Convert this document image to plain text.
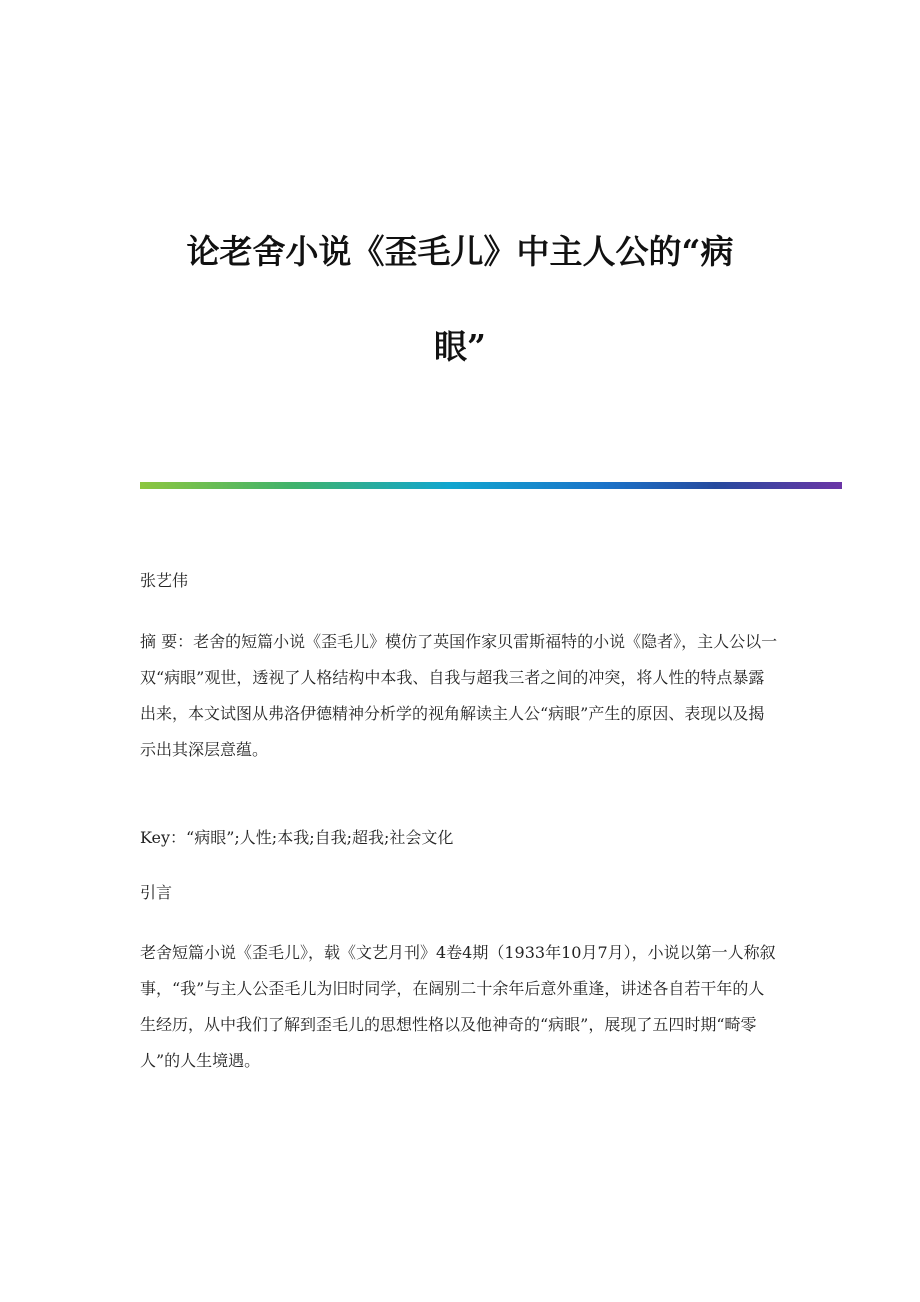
论老舍小说《歪毛儿》中主人公的“病
眼”
张艺伟
摘 要：老舍的短篇小说《歪毛儿》模仿了英国作家贝雷斯福特的小说《隐者》，主人公以一双“病眼”观世，透视了人格结构中本我、自我与超我三者之间的冲突，将人性的特点暴露出来，本文试图从弗洛伊德精神分析学的视角解读主人公“病眼”产生的原因、表现以及揭示出其深层意蕴。
Key：“病眼”;人性;本我;自我;超我;社会文化
引言
老舍短篇小说《歪毛儿》，载《文艺月刊》4卷4期（1933年10月7月），小说以第一人称叙事，“我”与主人公歪毛儿为旧时同学，在阔别二十余年后意外重逢，讲述各自若干年的人生经历，从中我们了解到歪毛儿的思想性格以及他神奇的“病眼”，展现了五四时期“畸零人”的人生境遇。
